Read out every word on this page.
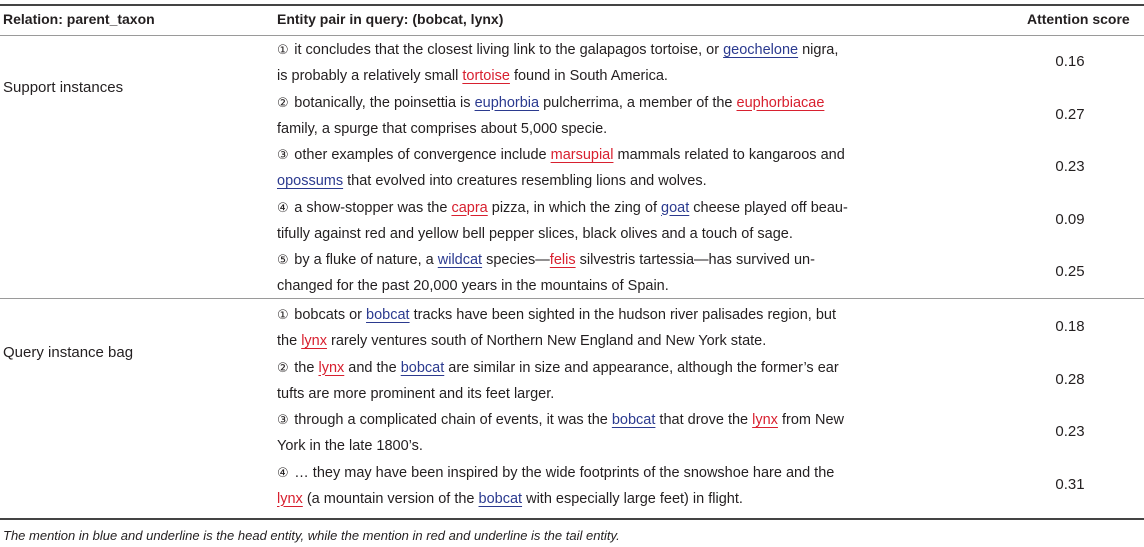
Relation: parent_taxon	Entity pair in query: (bobcat, lynx)	Attention score
Support instances
① it concludes that the closest living link to the galapagos tortoise, or geochelone nigra,
is probably a relatively small tortoise found in South America.
0.16
② botanically, the poinsettia is euphorbia pulcherrima, a member of the euphorbiacae
family, a spurge that comprises about 5,000 specie.
0.27
③ other examples of convergence include marsupial mammals related to kangaroos and
opossums that evolved into creatures resembling lions and wolves.
0.23
④ a show-stopper was the capra pizza, in which the zing of goat cheese played off beau-
tifully against red and yellow bell pepper slices, black olives and a touch of sage.
0.09
⑤ by a fluke of nature, a wildcat species—felis silvestris tartessia—has survived un-
changed for the past 20,000 years in the mountains of Spain.
0.25
Query instance bag
① bobcats or bobcat tracks have been sighted in the hudson river palisades region, but
the lynx rarely ventures south of Northern New England and New York state.
0.18
② the lynx and the bobcat are similar in size and appearance, although the former’s ear
tufts are more prominent and its feet larger.
0.28
③ through a complicated chain of events, it was the bobcat that drove the lynx from New
York in the late 1800’s.
0.23
④ … they may have been inspired by the wide footprints of the snowshoe hare and the
lynx (a mountain version of the bobcat with especially large feet) in flight.
0.31
The mention in blue and underline is the head entity, while the mention in red and underline is the tail entity.
